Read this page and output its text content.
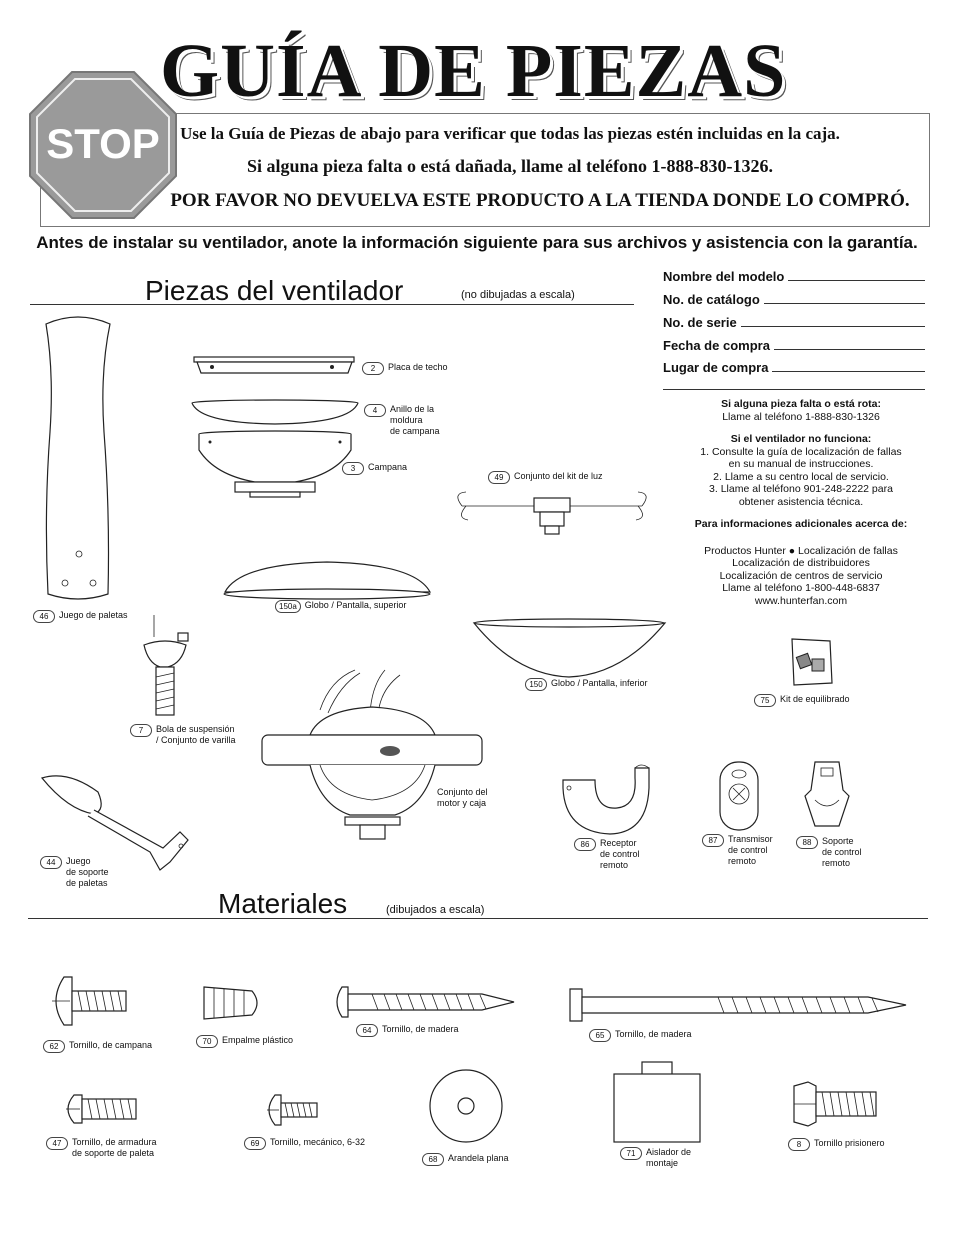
GUÍA DE PIEZAS
Use la Guía de Piezas de abajo para verificar que todas las piezas estén incluidas en la caja.
Si alguna pieza falta o está dañada, llame al teléfono 1-888-830-1326.
POR FAVOR NO DEVUELVA ESTE PRODUCTO A LA TIENDA DONDE LO COMPRÓ.
STOP
Antes de instalar su ventilador, anote la información siguiente para sus archivos y asistencia con la garantía.
Piezas del ventilador	(no dibujadas a escala)
Nombre del modelo
No. de catálogo
No. de serie
Fecha de compra
Lugar de compra
Si alguna pieza falta o está rota:
Llame al teléfono 1-888-830-1326
Si el ventilador no funciona:
1. Consulte la guía de localización de fallas
en su manual de instrucciones.
2. Llame a su centro local de servicio.
3. Llame al teléfono 901-248-2222 para
obtener asistencia técnica.
Para informaciones adicionales acerca de:
Productos Hunter ● Localización de fallas
Localización de distribuidores
Localización de centros de servicio
Llame al teléfono 1-800-448-6837
www.hunterfan.com
46	Juego de paletas
2	Placa de techo
4	Anillo de la
moldura
de campana
3	Campana
49	Conjunto del kit de luz
150a Globo / Pantalla, superior
150 Globo / Pantalla, inferior
75	Kit de equilibrado
7	Bola de suspensión
/ Conjunto de varilla
Conjunto del
motor y caja
86	Receptor
de control
remoto
87	Transmisor
de control
remoto
88	Soporte
de control
remoto
44	Juego
de soporte
de paletas
Materiales	(dibujados a escala)
62	Tornillo, de campana	70	Empalme plástico
64	Tornillo, de madera
65	Tornillo, de madera
47	Tornillo, de armadura
de soporte de paleta
69	Tornillo, mecánico, 6-32
68	Arandela plana	71	Aislador de
montaje
8	Tornillo prisionero
